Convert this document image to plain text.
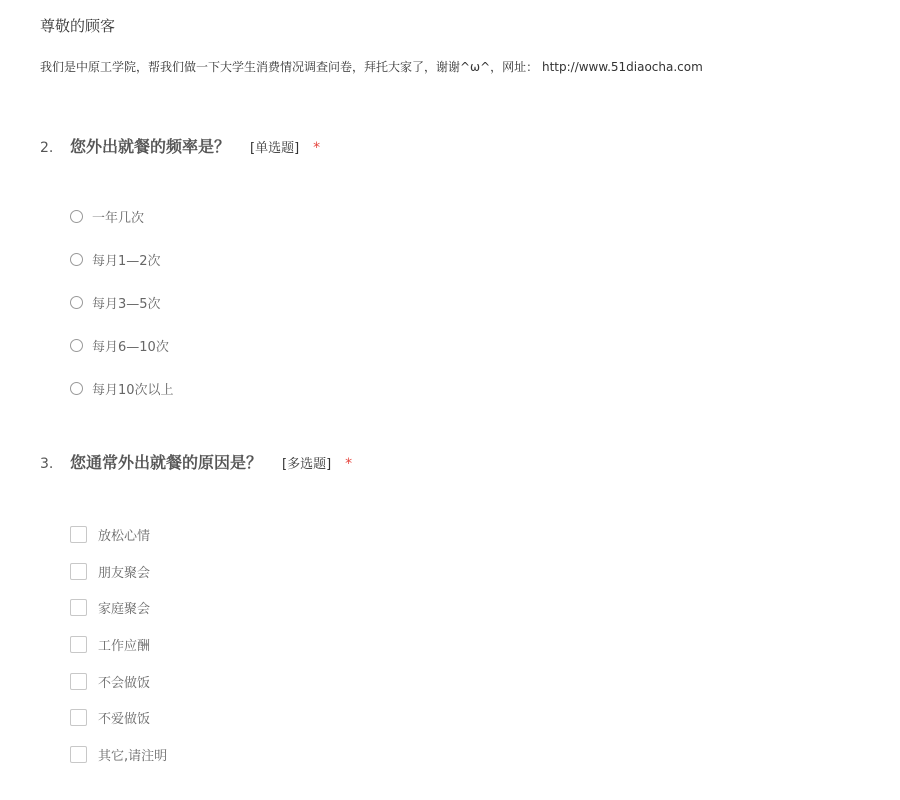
尊敬的顾客
我们是中原工学院，帮我们做一下大学生消费情况调查问卷，拜托大家了，谢谢^ω^，网址： http://www.51diaocha.com
2.	您外出就餐的频率是？ [单选题] *
一年几次
每月1—2次
每月3—5次
每月6—10次
每月10次以上
3.	您通常外出就餐的原因是？ [多选题] *
放松心情
朋友聚会
家庭聚会
工作应酬
不会做饭
不爱做饭
其它,请注明
